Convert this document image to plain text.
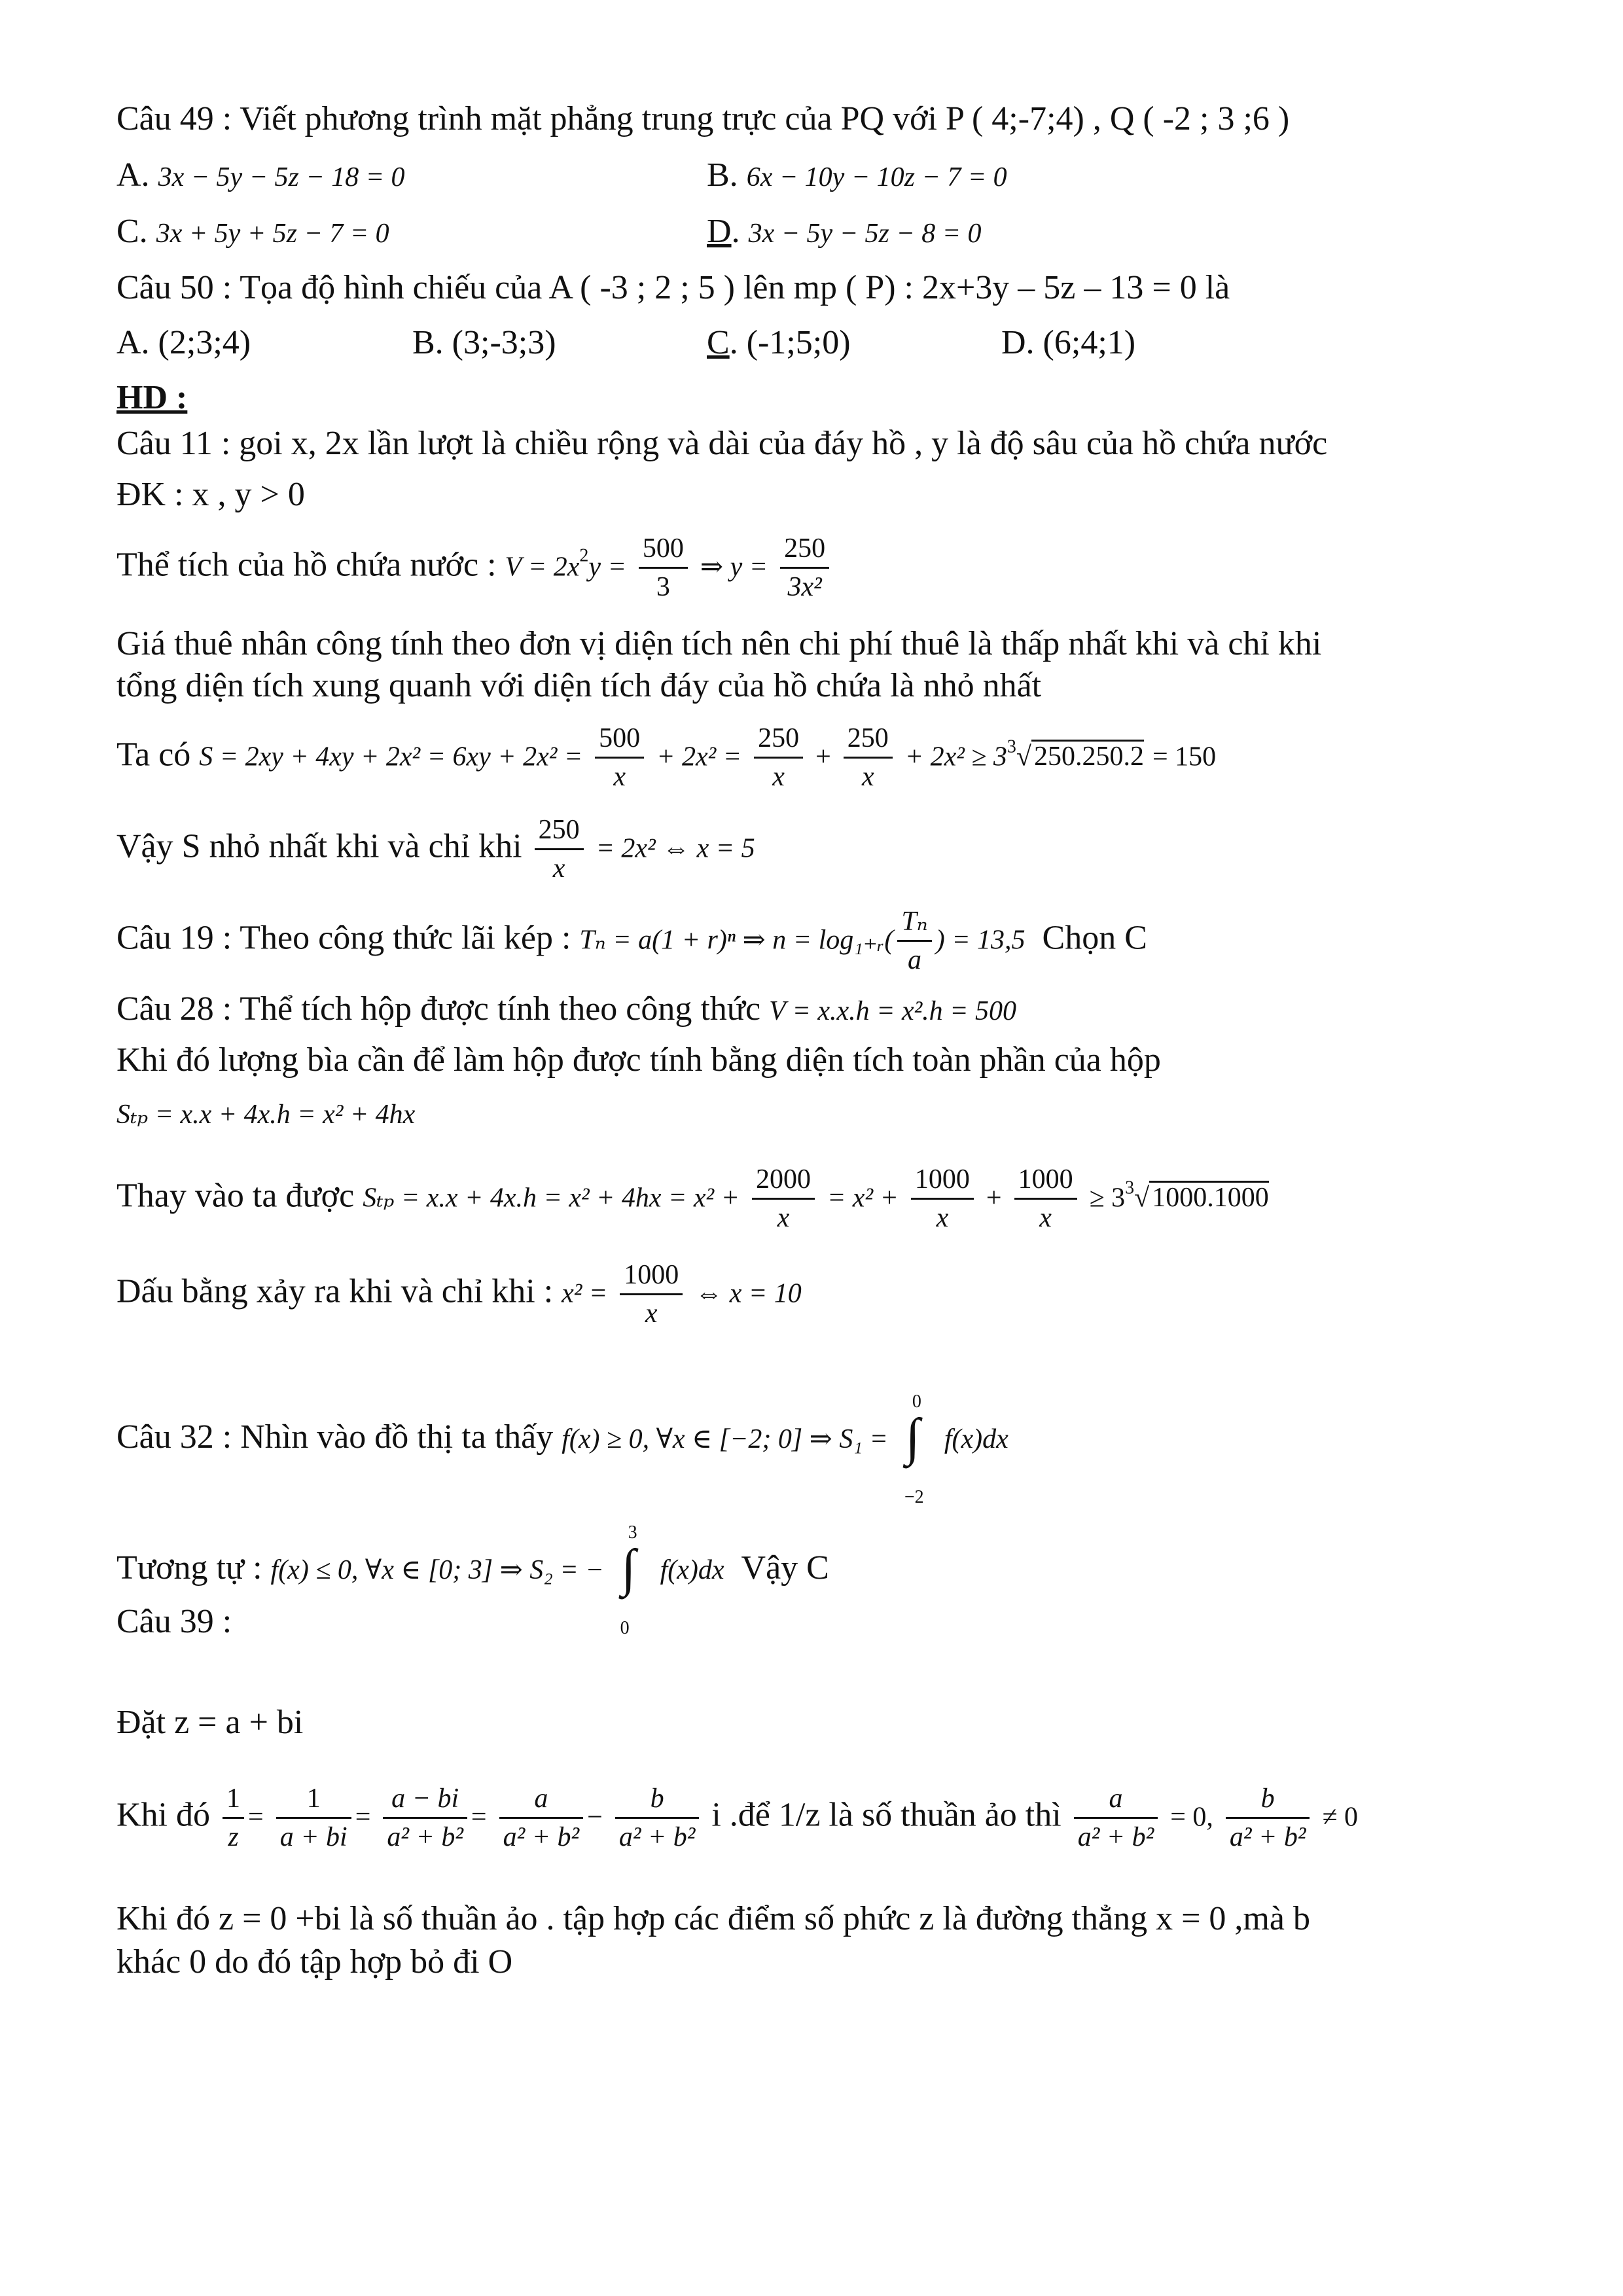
Câu 49 : Viết phương trình mặt phẳng trung trực của PQ với P ( 4;-7;4) , Q ( -2 ; 3 ;6 )
A. 3x − 5y − 5z − 18 = 0	B. 6x − 10y − 10z − 7 = 0
C. 3x + 5y + 5z − 7 = 0	D. 3x − 5y − 5z − 8 = 0
Câu 50 : Tọa độ hình chiếu của A ( -3 ; 2 ; 5 ) lên mp ( P) : 2x+3y – 5z – 13 = 0 là
A. (2;3;4)	B. (3;-3;3)	C. (-1;5;0)	D. (6;4;1)
HD :
Câu 11 : goi x, 2x lần lượt là chiều rộng và dài của đáy hồ , y là độ sâu của hồ chứa nước
ĐK : x , y > 0
Thể tích của hồ chứa nước : $V = 2x^2y = \frac{500}{3}$ ⇒ $y = \frac{250}{\text{3x²}}$
Giá thuê nhân công tính theo đơn vị diện tích nên chi phí thuê là thấp nhất khi và chỉ khi
tổng diện tích xung quanh với diện tích đáy của hồ chứa là nhỏ nhất
Ta có $S = 2xy + 4xy + 2x^2 = 6xy + 2x^2 = \frac{500}{x} + 2x^2 = \frac{250}{x} + \frac{250}{x} + 2x^2 \ge 3^3√250.250.2 = 150$
Vậy S nhỏ nhất khi và chỉ khi $\frac{250}{x} = 2x^2$ ⇔ x = 5
Câu 19 : Theo công thức lãi kép : Tₙ = a(1 + r)ⁿ ⇒ n = log₁₊ᵣ( $\frac{\text{Tₙ}}{a}$ ) = 13,5 Chọn C
Câu 28 : Thể tích hộp được tính theo công thức V = x.x.h = x².h = 500
Khi đó lượng bìa cần để làm hộp được tính bằng diện tích toàn phần của hộp
Sₜₚ = x.x + 4x.h = x² + 4hx
Thay vào ta được $S_{tp} = x.x + 4x.h = x^2 + 4hx = x^2 + \frac{2000}{x} = x^2 + \frac{1000}{x} + \frac{1000}{x} \ge 3^3√1000.1000$
Dấu bằng xảy ra khi và chỉ khi : $x^2 = \frac{1000}{x}$ ⇔ x = 10
Câu 32 : Nhìn vào đồ thị ta thấy f(x) ≥ 0, ∀x ∈ [−2; 0] ⇒ S₁ =
0
∫
−2
f(x)dx
Tương tự : f(x) ≤ 0, ∀x ∈ [0; 3] ⇒ S₂ = −
3
∫
0
f(x)dx Vậy C
Câu 39 :
Đặt z = a + bi
Khi đó $\frac{1}{z} = \frac{1}{a + bi} = \frac{a - bi}{\text{a² + b²}} = \frac{a}{\text{a² + b²}} - \frac{b}{\text{a² + b²}}$ i .để 1/z là số thuần ảo thì $\frac{a}{\text{a² + b²}} = 0$, $\frac{b}{\text{a² + b²}} \ne 0$
Khi đó z = 0 +bi là số thuần ảo . tập hợp các điểm số phức z là đường thẳng x = 0 ,mà b
khác 0 do đó tập hợp bỏ đi O
